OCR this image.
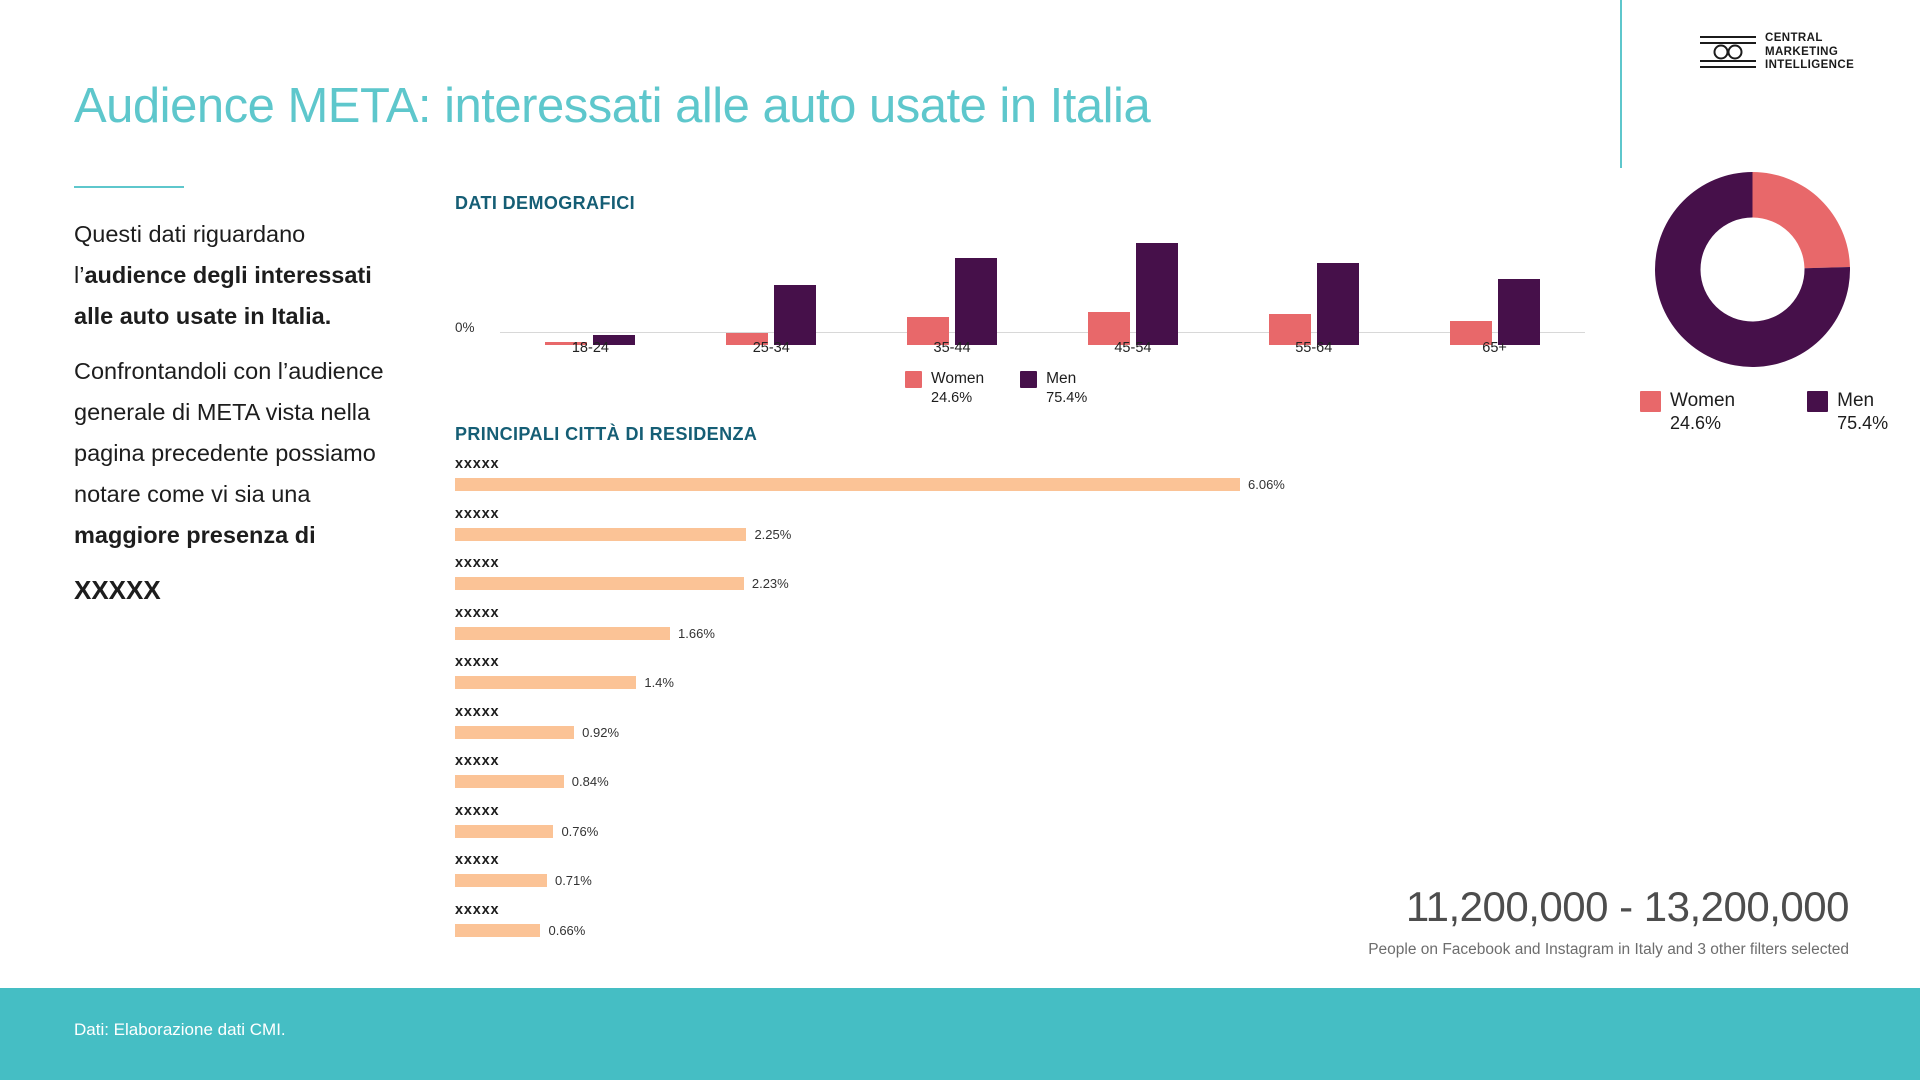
Audience META: interessati alle auto usate in Italia
CENTRAL
MARKETING
INTELLIGENCE

Questi dati riguardano l’audience degli interessati alle auto usate in Italia.

Confrontandoli con l’audience generale di META vista nella pagina precedente possiamo notare come vi sia una maggiore presenza di

XXXXX

DATI DEMOGRAFICI
PRINCIPALI CITTÀ DI RESIDENZA
0%
Women
24.6%
Men
75.4%	Women
24.6%
Men
75.4%
xxxxx
6.06%
xxxxx
2.25%
xxxxx
2.23%
xxxxx
1.66%
xxxxx
1.4%
xxxxx
0.92%
xxxxx
0.84%
xxxxx
0.76%
xxxxx
0.71%
xxxxx
0.66%	11,200,000 - 13,200,000
People on Facebook and Instagram in Italy and 3 other filters selected
Dati: Elaborazione dati CMI.
18-24	25-34	35-44	45-54	55-64	65+
